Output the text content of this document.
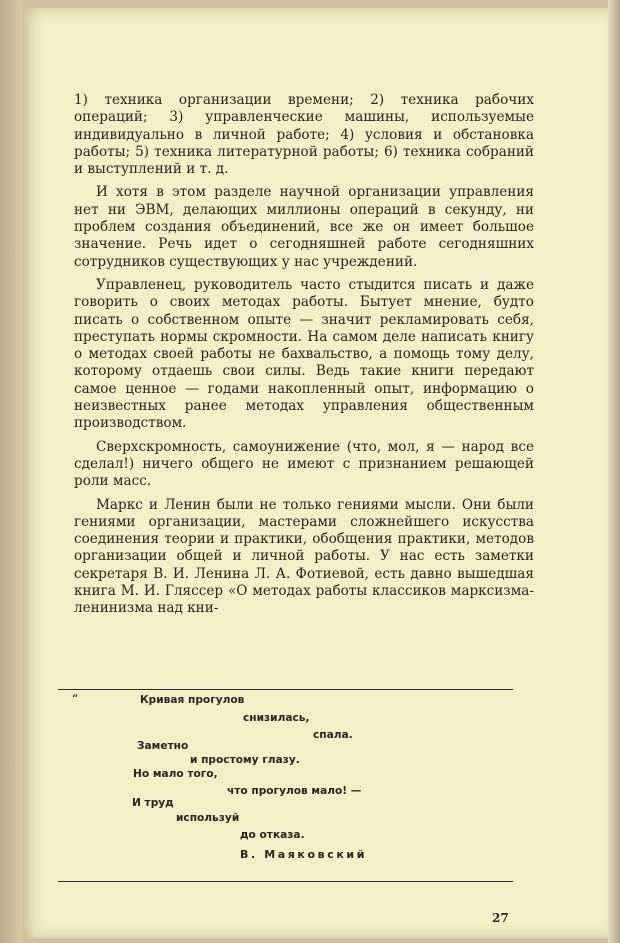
1) техника организации времени; 2) техника рабочих операций; 3) управленческие машины, используемые индивидуально в личной работе; 4) условия и обстановка работы; 5) техника литературной работы; 6) техника собраний и выступлений и т. д.

И хотя в этом разделе научной организации управления нет ни ЭВМ, делающих миллионы операций в секунду, ни проблем создания объединений, все же он имеет большое значение. Речь идет о сегодняшней работе сегодняшних сотрудников существующих у нас учреждений.

Управленец, руководитель часто стыдится писать и даже говорить о своих методах работы. Бытует мнение, будто писать о собственном опыте — значит рекламировать себя, преступать нормы скромности. На самом деле написать книгу о методах своей работы не бахвальство, а помощь тому делу, которому отдаешь свои силы. Ведь такие книги передают самое ценное — годами накопленный опыт, информацию о неизвестных ранее методах управления общественным производством.

Сверхскромность, самоунижение (что, мол, я — народ все сделал!) ничего общего не имеют с признанием решающей роли масс.

Маркс и Ленин были не только гениями мысли. Они были гениями организации, мастерами сложнейшего искусства соединения теории и практики, обобщения практики, методов организации общей и личной работы. У нас есть заметки секретаря В. И. Ленина Л. А. Фотиевой, есть давно вышедшая книга М. И. Гляссер «О методах работы классиков марксизма-ленинизма над кни-

“	Кривая прогулов
снизилась,
спала.
Заметно
и простому глазу.
Но мало того,
что прогулов мало! —
И труд
используй
до отказа.
В. Маяковский
27
